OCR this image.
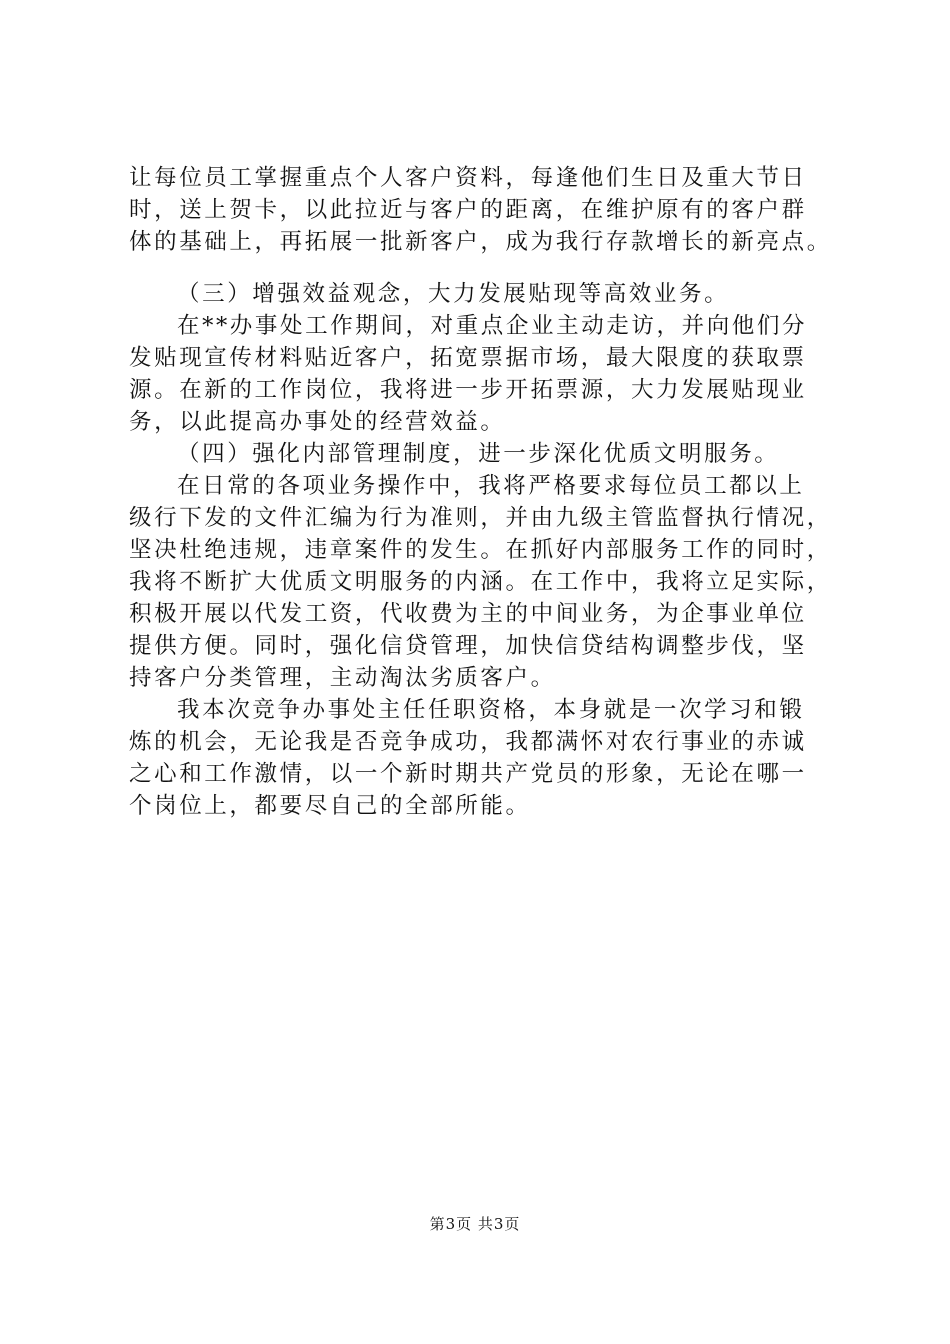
让每位员工掌握重点个人客户资料，每逢他们生日及重大节日

时，送上贺卡，以此拉近与客户的距离，在维护原有的客户群

体的基础上，再拓展一批新客户，成为我行存款增长的新亮点。

（三）增强效益观念，大力发展贴现等高效业务。

在**办事处工作期间，对重点企业主动走访，并向他们分

发贴现宣传材料贴近客户，拓宽票据市场，最大限度的获取票

源。在新的工作岗位，我将进一步开拓票源，大力发展贴现业

务，以此提高办事处的经营效益。

（四）强化内部管理制度，进一步深化优质文明服务。

在日常的各项业务操作中，我将严格要求每位员工都以上

级行下发的文件汇编为行为准则，并由九级主管监督执行情况，

坚决杜绝违规，违章案件的发生。在抓好内部服务工作的同时，

我将不断扩大优质文明服务的内涵。在工作中，我将立足实际，

积极开展以代发工资，代收费为主的中间业务，为企事业单位

提供方便。同时，强化信贷管理，加快信贷结构调整步伐，坚

持客户分类管理，主动淘汰劣质客户。

我本次竞争办事处主任任职资格，本身就是一次学习和锻

炼的机会，无论我是否竞争成功，我都满怀对农行事业的赤诚

之心和工作激情，以一个新时期共产党员的形象，无论在哪一

个岗位上，都要尽自己的全部所能。

第3页 共3页
